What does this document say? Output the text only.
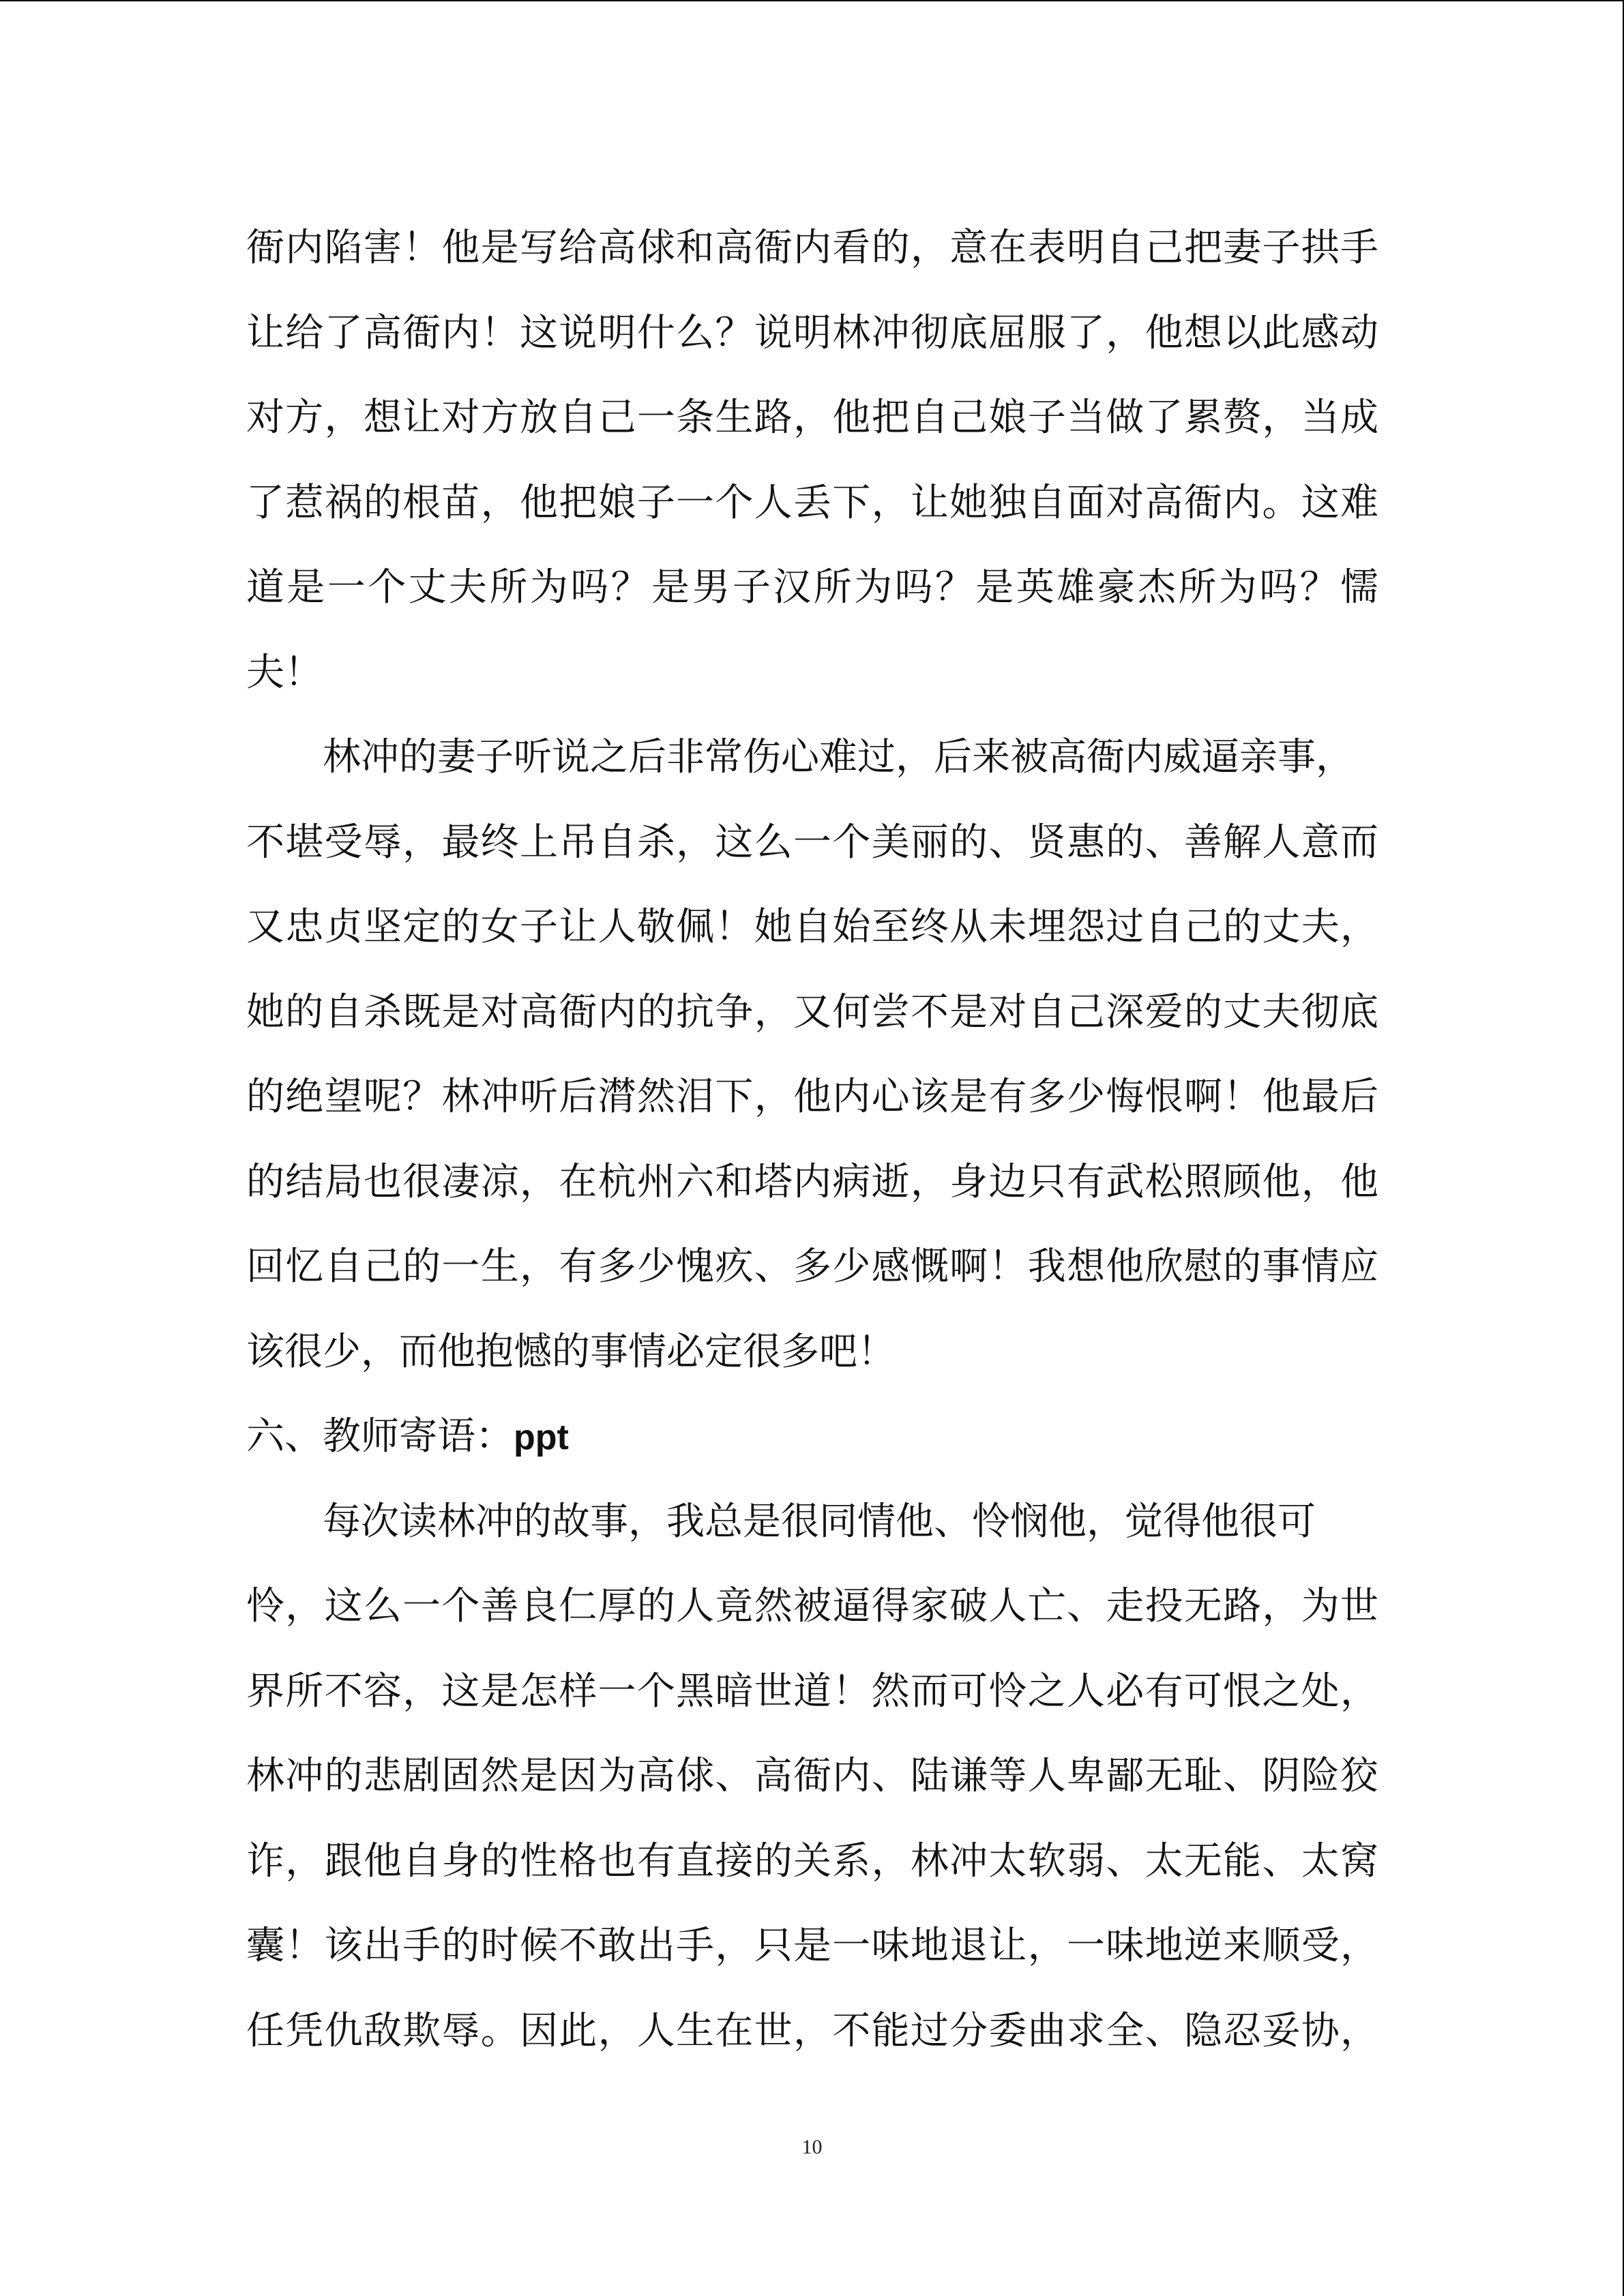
衙内陷害！他是写给高俅和高衙内看的，意在表明自己把妻子拱手
让给了高衙内！这说明什么？说明林冲彻底屈服了，他想以此感动
对方，想让对方放自己一条生路，他把自己娘子当做了累赘，当成
了惹祸的根苗，他把娘子一个人丢下，让她独自面对高衙内。这难
道是一个丈夫所为吗？是男子汉所为吗？是英雄豪杰所为吗？懦
夫！
林冲的妻子听说之后非常伤心难过，后来被高衙内威逼亲事，
不堪受辱，最终上吊自杀，这么一个美丽的、贤惠的、善解人意而
又忠贞坚定的女子让人敬佩！她自始至终从未埋怨过自己的丈夫，
她的自杀既是对高衙内的抗争，又何尝不是对自己深爱的丈夫彻底
的绝望呢？林冲听后潸然泪下，他内心该是有多少悔恨啊！他最后
的结局也很凄凉，在杭州六和塔内病逝，身边只有武松照顾他，他
回忆自己的一生，有多少愧疚、多少感慨啊！我想他欣慰的事情应
该很少，而他抱憾的事情必定很多吧！
六、教师寄语：ppt
每次读林冲的故事，我总是很同情他、怜悯他，觉得他很可
怜，这么一个善良仁厚的人竟然被逼得家破人亡、走投无路，为世
界所不容，这是怎样一个黑暗世道！然而可怜之人必有可恨之处，
林冲的悲剧固然是因为高俅、高衙内、陆谦等人卑鄙无耻、阴险狡
诈，跟他自身的性格也有直接的关系，林冲太软弱、太无能、太窝
囊！该出手的时候不敢出手，只是一味地退让，一味地逆来顺受，
任凭仇敌欺辱。因此，人生在世，不能过分委曲求全、隐忍妥协，
10
